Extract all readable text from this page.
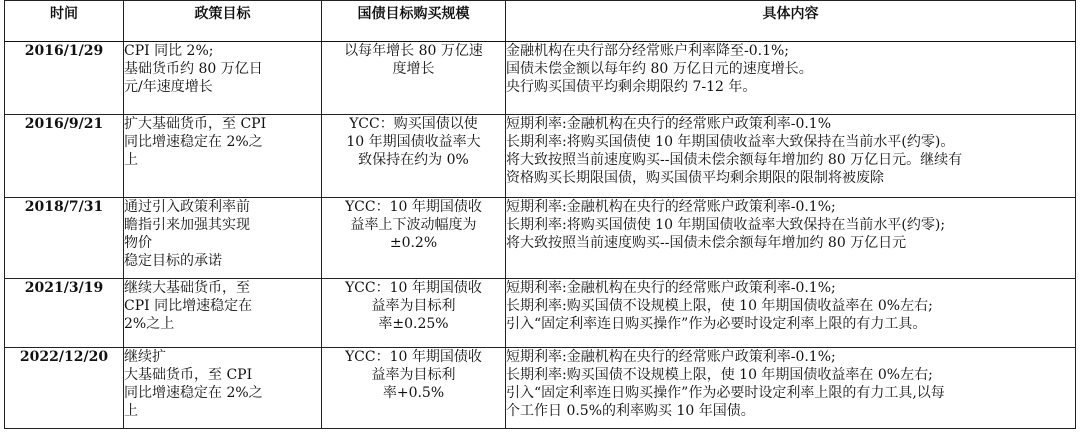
时间	政策目标	国债目标购买规模	具体内容
2016/1/29	CPI 同比 2%;
基础货币约 80 万亿日
元/年速度增长	以每年增长 80 万亿速
度增长	金融机构在央行部分经常账户利率降至-0.1%;
国债未偿金额以每年约 80 万亿日元的速度增长。
央行购买国债平均剩余期限约 7-12 年。

2016/9/21	扩大基础货币，至 CPI
同比增速稳定在 2%之
上	YCC：购买国债以使
10 年期国债收益率大
致保持在约为 0%	短期利率:金融机构在央行的经常账户政策利率-0.1%
长期利率:将购买国债使 10 年期国债收益率大致保持在当前水平(约零)。
将大致按照当前速度购买--国债未偿余额每年增加约 80 万亿日元。继续有
资格购买长期限国债，购买国债平均剩余期限的限制将被废除

2018/7/31	通过引入政策利率前
瞻指引来加强其实现
物价
稳定目标的承诺	YCC：10 年期国债收
益率上下波动幅度为
±0.2%	短期利率:金融机构在央行的经常账户政策利率-0.1%;
长期利率:将购买国债使 10 年期国债收益率大致保持在当前水平(约零);
将大致按照当前速度购买--国债未偿余额每年增加约 80 万亿日元

2021/3/19	继续大基础货币，至
CPI 同比增速稳定在
2%之上	YCC：10 年期国债收
益率为目标利
率±0.25%	短期利率:金融机构在央行的经常账户政策利率-0.1%;
长期利率:购买国债不设规模上限，使 10 年期国债收益率在 0%左右;
引入“固定利率连日购买操作”作为必要时设定利率上限的有力工具。

2022/12/20	继续扩
大基础货币，至 CPI
同比增速稳定在 2%之
上	YCC：10 年期国债收
益率为目标利
率+0.5%	短期利率:金融机构在央行的经常账户政策利率-0.1%;
长期利率:购买国债不设规模上限，使 10 年期国债收益率在 0%左右;
引入“固定利率连日购买操作”作为必要时设定利率上限的有力工具,以每
个工作日 0.5%的利率购买 10 年国债。
